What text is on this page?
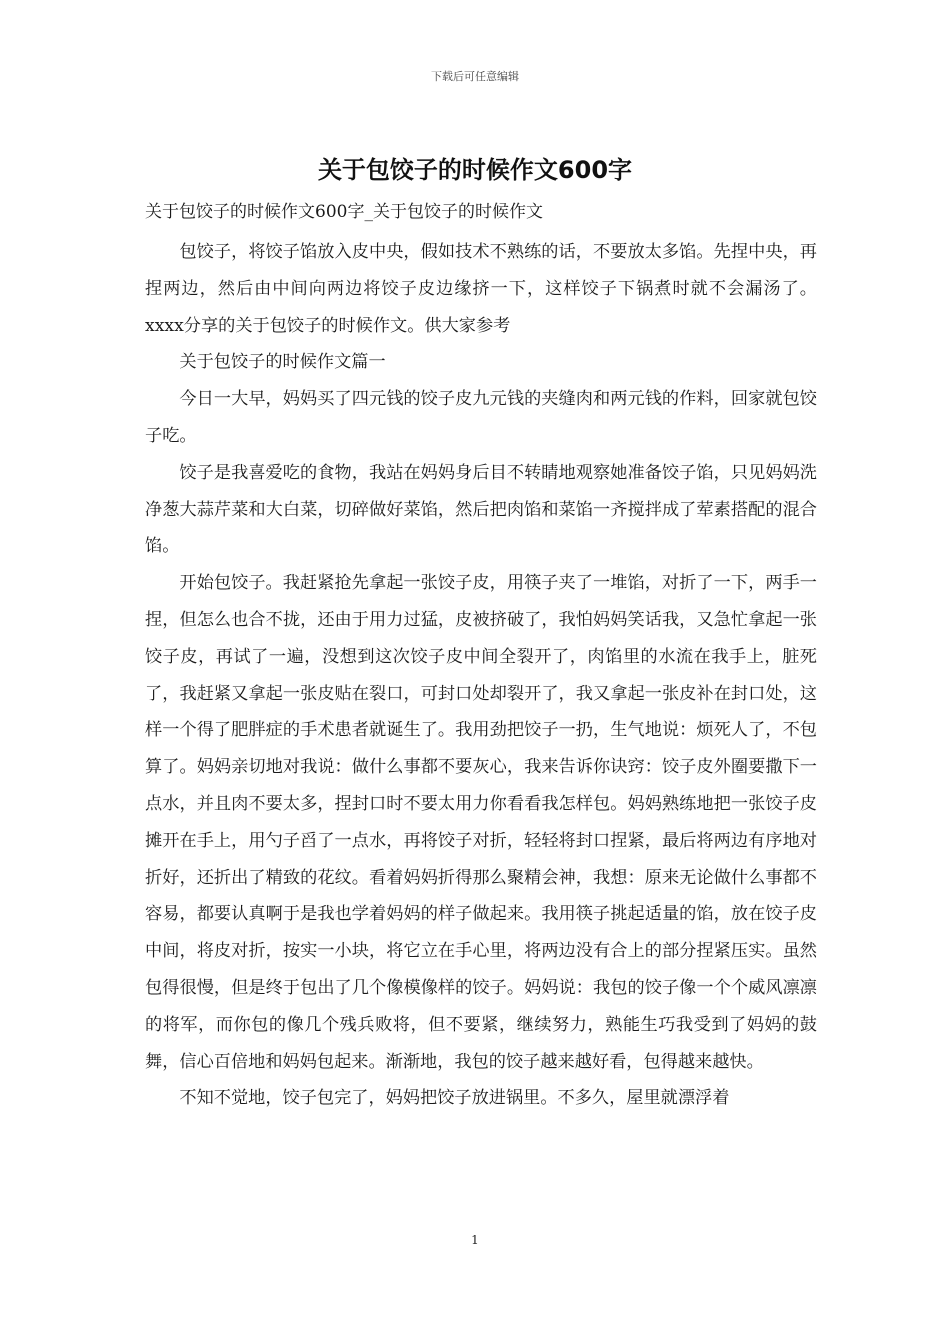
下载后可任意编辑
关于包饺子的时候作文600字
关于包饺子的时候作文600字_关于包饺子的时候作文

包饺子，将饺子馅放入皮中央，假如技术不熟练的话，不要放太多馅。先捏中央，再捏两边，然后由中间向两边将饺子皮边缘挤一下，这样饺子下锅煮时就不会漏汤了。xxxx分享的关于包饺子的时候作文。供大家参考

关于包饺子的时候作文篇一

今日一大早，妈妈买了四元钱的饺子皮九元钱的夹缝肉和两元钱的作料，回家就包饺子吃。

饺子是我喜爱吃的食物，我站在妈妈身后目不转睛地观察她准备饺子馅，只见妈妈洗净葱大蒜芹菜和大白菜，切碎做好菜馅，然后把肉馅和菜馅一齐搅拌成了荤素搭配的混合馅。

开始包饺子。我赶紧抢先拿起一张饺子皮，用筷子夹了一堆馅，对折了一下，两手一捏，但怎么也合不拢，还由于用力过猛，皮被挤破了，我怕妈妈笑话我，又急忙拿起一张饺子皮，再试了一遍，没想到这次饺子皮中间全裂开了，肉馅里的水流在我手上，脏死了，我赶紧又拿起一张皮贴在裂口，可封口处却裂开了，我又拿起一张皮补在封口处，这样一个得了肥胖症的手术患者就诞生了。我用劲把饺子一扔，生气地说：烦死人了，不包算了。妈妈亲切地对我说：做什么事都不要灰心，我来告诉你诀窍：饺子皮外圈要撒下一点水，并且肉不要太多，捏封口时不要太用力你看看我怎样包。妈妈熟练地把一张饺子皮摊开在手上，用勺子舀了一点水，再将饺子对折，轻轻将封口捏紧，最后将两边有序地对折好，还折出了精致的花纹。看着妈妈折得那么聚精会神，我想：原来无论做什么事都不容易，都要认真啊于是我也学着妈妈的样子做起来。我用筷子挑起适量的馅，放在饺子皮中间，将皮对折，按实一小块，将它立在手心里，将两边没有合上的部分捏紧压实。虽然包得很慢，但是终于包出了几个像模像样的饺子。妈妈说：我包的饺子像一个个威风凛凛的将军，而你包的像几个残兵败将，但不要紧，继续努力，熟能生巧我受到了妈妈的鼓舞，信心百倍地和妈妈包起来。渐渐地，我包的饺子越来越好看，包得越来越快。

不知不觉地，饺子包完了，妈妈把饺子放进锅里。不多久，屋里就漂浮着

1
